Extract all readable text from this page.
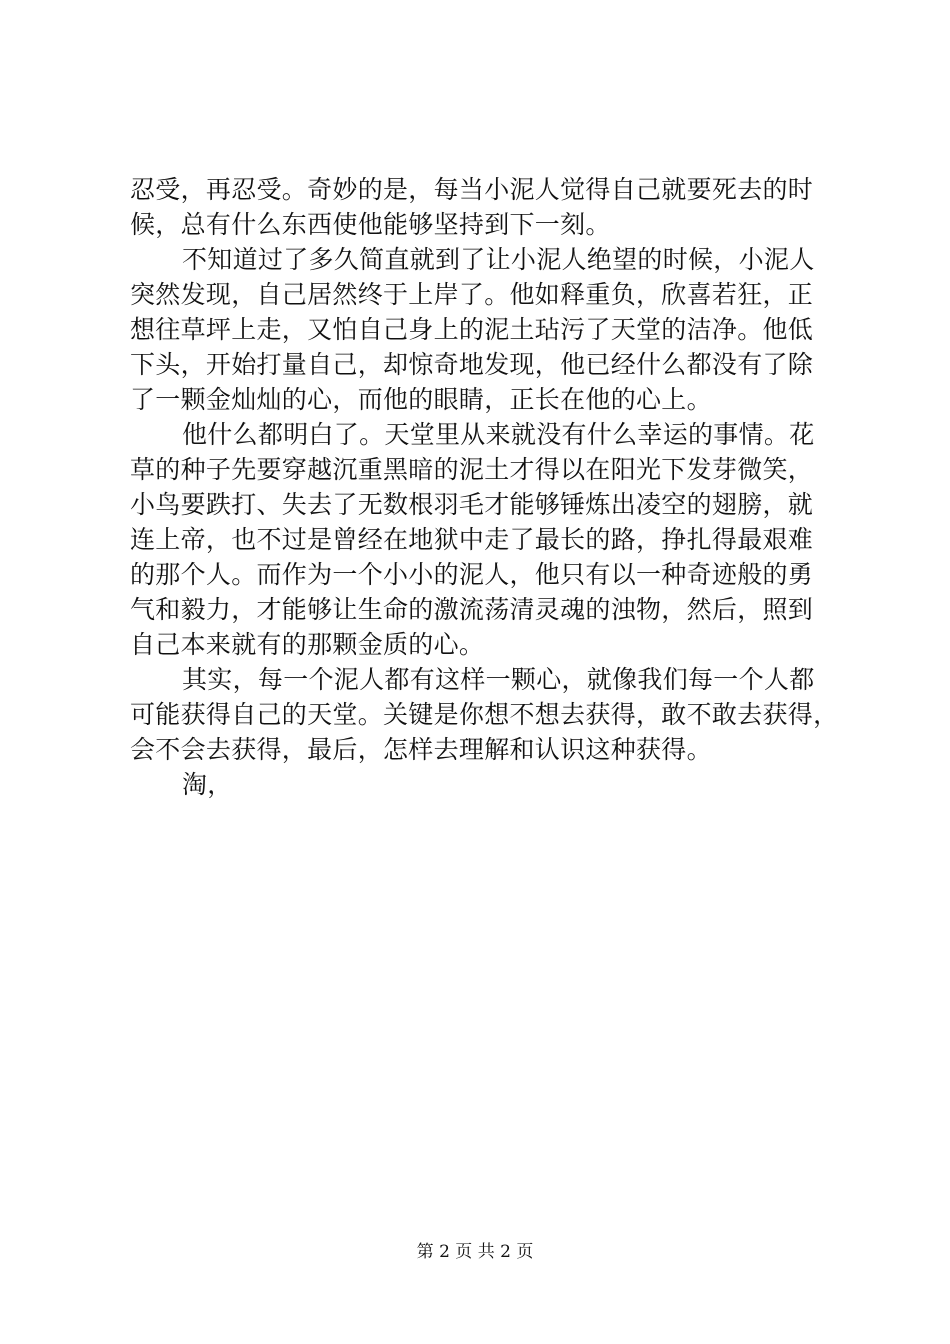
忍受，再忍受。奇妙的是，每当小泥人觉得自己就要死去的时
候，总有什么东西使他能够坚持到下一刻。
不知道过了多久简直就到了让小泥人绝望的时候，小泥人
突然发现，自己居然终于上岸了。他如释重负，欣喜若狂，正
想往草坪上走，又怕自己身上的泥土玷污了天堂的洁净。他低
下头，开始打量自己，却惊奇地发现，他已经什么都没有了除
了一颗金灿灿的心，而他的眼睛，正长在他的心上。
他什么都明白了。天堂里从来就没有什么幸运的事情。花
草的种子先要穿越沉重黑暗的泥土才得以在阳光下发芽微笑，
小鸟要跌打、失去了无数根羽毛才能够锤炼出凌空的翅膀，就
连上帝，也不过是曾经在地狱中走了最长的路，挣扎得最艰难
的那个人。而作为一个小小的泥人，他只有以一种奇迹般的勇
气和毅力，才能够让生命的激流荡清灵魂的浊物，然后，照到
自己本来就有的那颗金质的心。
其实，每一个泥人都有这样一颗心，就像我们每一个人都
可能获得自己的天堂。关键是你想不想去获得，敢不敢去获得，
会不会去获得，最后，怎样去理解和认识这种获得。
淘，
第 2 页 共 2 页
